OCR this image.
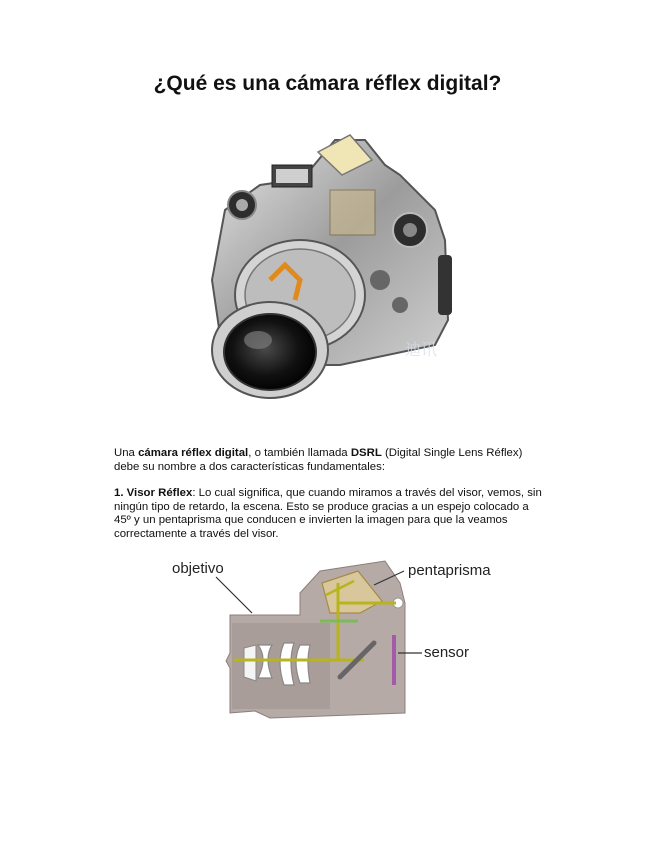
¿Qué es una cámara réflex digital?
迪讯

Una cámara réflex digital, o también llamada DSRL (Digital Single Lens Réflex) debe su nombre a dos características fundamentales:

1. Visor Réflex: Lo cual significa, que cuando miramos a través del visor, vemos, sin ningún tipo de retardo, la escena. Esto se produce gracias a un espejo colocado a 45º y un pentaprisma que conducen e invierten la imagen para que la veamos correctamente a través del visor.

objetivo	pentaprisma
sensor
